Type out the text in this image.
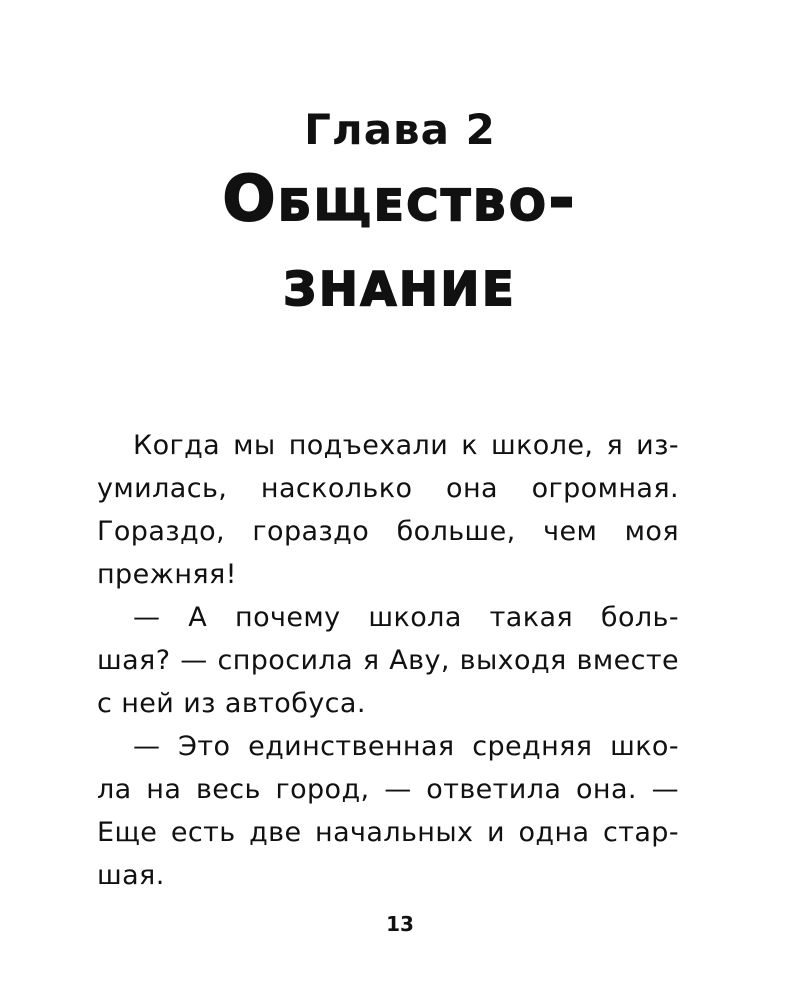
Глава 2
Общество-
ЗНАНИЕ
Когда мы подъехали к школе, я из-
умилась, насколько она огромная.
Гораздо, гораздо больше, чем моя
прежняя!
— А почему школа такая боль-
шая? — спросила я Аву, выходя вместе
с ней из автобуса.
— Это единственная средняя шко-
ла на весь город, — ответила она. —
Еще есть две начальных и одна стар-
шая.
13
